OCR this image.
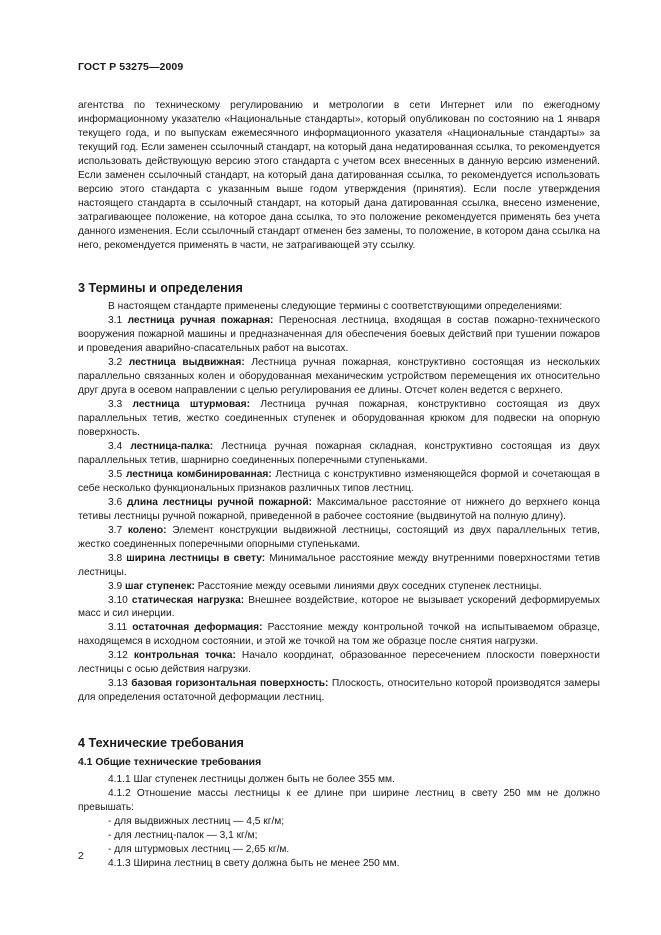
ГОСТ Р 53275—2009

агентства по техническому регулированию и метрологии в сети Интернет или по ежегодному информационному указателю «Национальные стандарты», который опубликован по состоянию на 1 января текущего года, и по выпускам ежемесячного информационного указателя «Национальные стандарты» за текущий год. Если заменен ссылочный стандарт, на который дана недатированная ссылка, то рекомендуется использовать действующую версию этого стандарта с учетом всех внесенных в данную версию изменений. Если заменен ссылочный стандарт, на который дана датированная ссылка, то рекомендуется использовать версию этого стандарта с указанным выше годом утверждения (принятия). Если после утверждения настоящего стандарта в ссылочный стандарт, на который дана датированная ссылка, внесено изменение, затрагивающее положение, на которое дана ссылка, то это положение рекомендуется применять без учета данного изменения. Если ссылочный стандарт отменен без замены, то положение, в котором дана ссылка на него, рекомендуется применять в части, не затрагивающей эту ссылку.

3 Термины и определения

В настоящем стандарте применены следующие термины с соответствующими определениями:

3.1 лестница ручная пожарная: Переносная лестница, входящая в состав пожарно-технического вооружения пожарной машины и предназначенная для обеспечения боевых действий при тушении пожаров и проведения аварийно-спасательных работ на высотах.

3.2 лестница выдвижная: Лестница ручная пожарная, конструктивно состоящая из нескольких параллельно связанных колен и оборудованная механическим устройством перемещения их относительно друг друга в осевом направлении с целью регулирования ее длины. Отсчет колен ведется с верхнего.

3.3 лестница штурмовая: Лестница ручная пожарная, конструктивно состоящая из двух параллельных тетив, жестко соединенных ступенек и оборудованная крюком для подвески на опорную поверхность.

3.4 лестница-палка: Лестница ручная пожарная складная, конструктивно состоящая из двух параллельных тетив, шарнирно соединенных поперечными ступеньками.

3.5 лестница комбинированная: Лестница с конструктивно изменяющейся формой и сочетающая в себе несколько функциональных признаков различных типов лестниц.

3.6 длина лестницы ручной пожарной: Максимальное расстояние от нижнего до верхнего конца тетивы лестницы ручной пожарной, приведенной в рабочее состояние (выдвинутой на полную длину).

3.7 колено: Элемент конструкции выдвижной лестницы, состоящий из двух параллельных тетив, жестко соединенных поперечными опорными ступеньками.

3.8 ширина лестницы в свету: Минимальное расстояние между внутренними поверхностями тетив лестницы.

3.9 шаг ступенек: Расстояние между осевыми линиями двух соседних ступенек лестницы.

3.10 статическая нагрузка: Внешнее воздействие, которое не вызывает ускорений деформируемых масс и сил инерции.

3.11 остаточная деформация: Расстояние между контрольной точкой на испытываемом образце, находящемся в исходном состоянии, и этой же точкой на том же образце после снятия нагрузки.

3.12 контрольная точка: Начало координат, образованное пересечением плоскости поверхности лестницы с осью действия нагрузки.

3.13 базовая горизонтальная поверхность: Плоскость, относительно которой производятся замеры для определения остаточной деформации лестниц.

4 Технические требования

4.1 Общие технические требования

4.1.1 Шаг ступенек лестницы должен быть не более 355 мм.

4.1.2 Отношение массы лестницы к ее длине при ширине лестниц в свету 250 мм не должно превышать:

- для выдвижных лестниц — 4,5 кг/м;

- для лестниц-палок — 3,1 кг/м;

- для штурмовых лестниц — 2,65 кг/м.

4.1.3 Ширина лестниц в свету должна быть не менее 250 мм.

2
